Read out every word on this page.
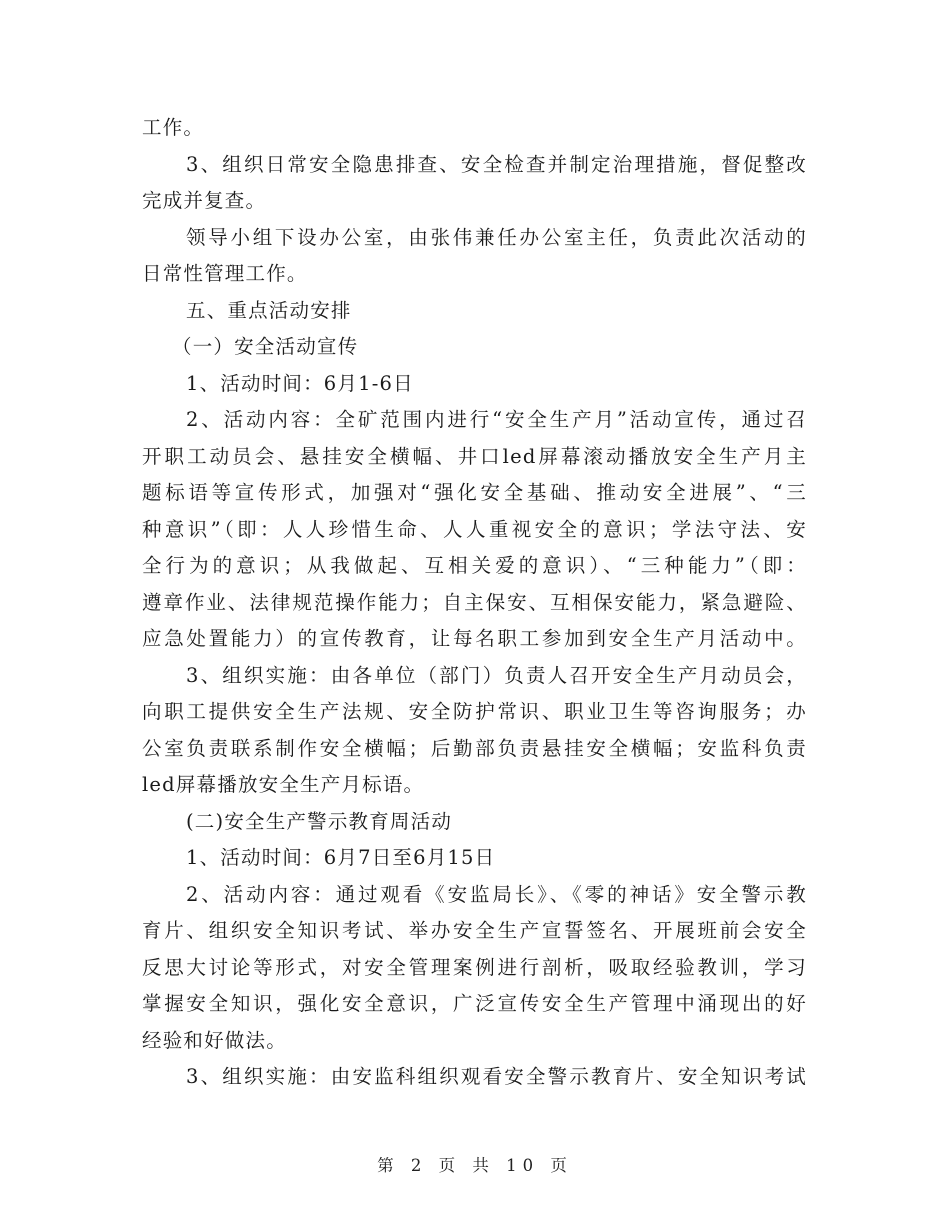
工作。
3、组织日常安全隐患排查、安全检查并制定治理措施，督促整改
完成并复查。
领导小组下设办公室，由张伟兼任办公室主任，负责此次活动的
日常性管理工作。
五、重点活动安排
（一）安全活动宣传
1、活动时间：6月1-6日
2、活动内容：全矿范围内进行“安全生产月”活动宣传，通过召
开职工动员会、悬挂安全横幅、井口led屏幕滚动播放安全生产月主
题标语等宣传形式，加强对“强化安全基础、推动安全进展”、“三
种意识”（即：人人珍惜生命、人人重视安全的意识；学法守法、安
全行为的意识；从我做起、互相关爱的意识）、“三种能力”（即：
遵章作业、法律规范操作能力；自主保安、互相保安能力，紧急避险、
应急处置能力）的宣传教育，让每名职工参加到安全生产月活动中。
3、组织实施：由各单位（部门）负责人召开安全生产月动员会，
向职工提供安全生产法规、安全防护常识、职业卫生等咨询服务；办
公室负责联系制作安全横幅；后勤部负责悬挂安全横幅；安监科负责
led屏幕播放安全生产月标语。
(二)安全生产警示教育周活动
1、活动时间：6月7日至6月15日
2、活动内容：通过观看《安监局长》、《零的神话》安全警示教
育片、组织安全知识考试、举办安全生产宣誓签名、开展班前会安全
反思大讨论等形式，对安全管理案例进行剖析，吸取经验教训，学习
掌握安全知识，强化安全意识，广泛宣传安全生产管理中涌现出的好
经验和好做法。
3、组织实施：由安监科组织观看安全警示教育片、安全知识考试
第 2 页 共 10 页
